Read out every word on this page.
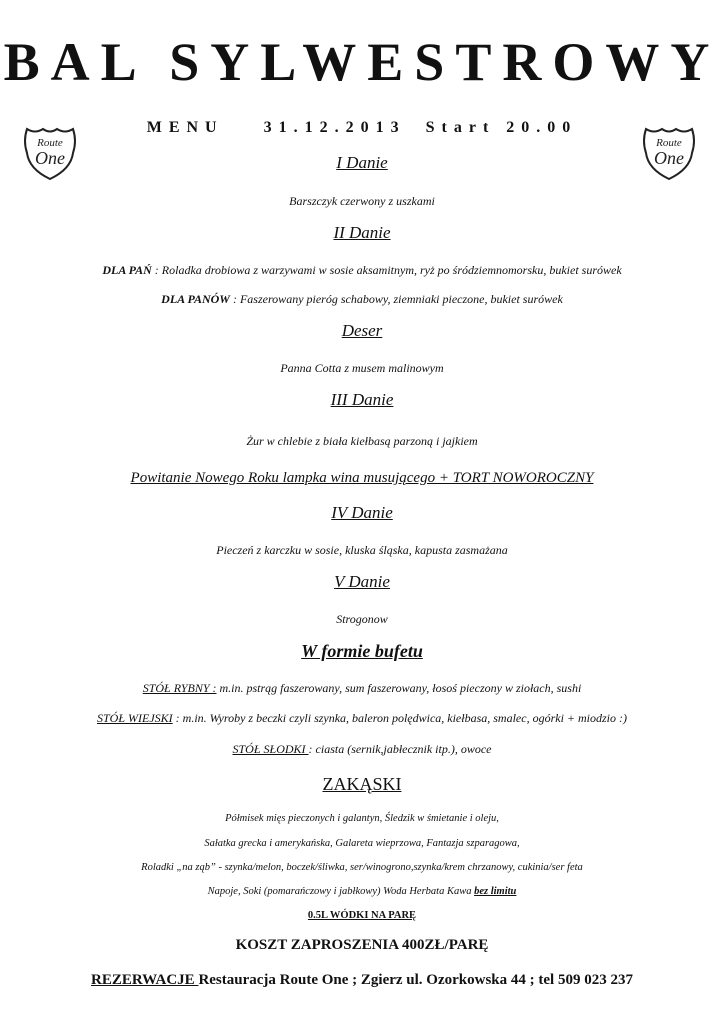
BAL SYLWESTROWY
MENU	31.12.2013 Start 20.00
Route
One
Route
One
I Danie
Barszczyk czerwony z uszkami
II Danie
DLA PAŃ : Roladka drobiowa z warzywami w sosie aksamitnym, ryż po śródziemnomorsku, bukiet surówek
DLA PANÓW : Faszerowany pieróg schabowy, ziemniaki pieczone, bukiet surówek
Deser
Panna Cotta z musem malinowym
III Danie
Żur w chlebie z biała kiełbasą parzoną i jajkiem
Powitanie Nowego Roku lampka wina musującego + TORT NOWOROCZNY
IV Danie
Pieczeń z karczku w sosie, kluska śląska, kapusta zasmażana
V Danie
Strogonow
W formie bufetu
STÓŁ RYBNY : m.in. pstrąg faszerowany, sum faszerowany, łosoś pieczony w ziołach, sushi
STÓŁ WIEJSKI : m.in. Wyroby z beczki czyli szynka, baleron polędwica, kiełbasa, smalec, ogórki + miodzio :)
STÓŁ SŁODKI : ciasta (sernik,jabłecznik itp.), owoce
ZAKĄSKI
Półmisek mięs pieczonych i galantyn, Śledzik w śmietanie i oleju,
Sałatka grecka i amerykańska, Galareta wieprzowa, Fantazja szparagowa,
Roladki „na ząb” - szynka/melon, boczek/śliwka, ser/winogrono,szynka/krem chrzanowy, cukinia/ser feta
Napoje, Soki (pomarańczowy i jabłkowy) Woda Herbata Kawa bez limitu
0.5L WÓDKI NA PARĘ
KOSZT ZAPROSZENIA 400ZŁ/PARĘ
REZERWACJE Restauracja Route One ; Zgierz ul. Ozorkowska 44 ; tel 509 023 237
